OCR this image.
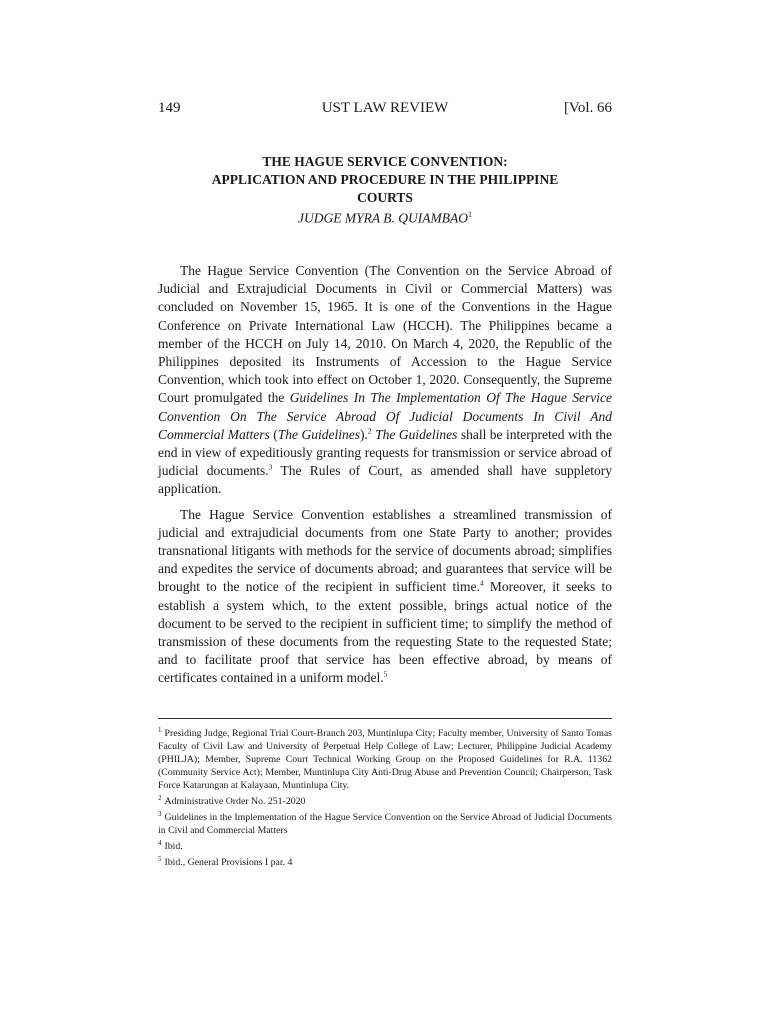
149	UST LAW REVIEW	[Vol. 66
THE HAGUE SERVICE CONVENTION:
APPLICATION AND PROCEDURE IN THE PHILIPPINE
COURTS
JUDGE MYRA B. QUIAMBAO$^1$

The Hague Service Convention (The Convention on the Service Abroad of Judicial and Extrajudicial Documents in Civil or Commercial Matters) was concluded on November 15, 1965. It is one of the Conventions in the Hague Conference on Private International Law (HCCH). The Philippines became a member of the HCCH on July 14, 2010. On March 4, 2020, the Republic of the Philippines deposited its Instruments of Accession to the Hague Service Convention, which took into effect on October 1, 2020. Consequently, the Supreme Court promulgated the Guidelines In The Implementation Of The Hague Service Convention On The Service Abroad Of Judicial Documents In Civil And Commercial Matters (The Guidelines).$^2$ The Guidelines shall be interpreted with the end in view of expeditiously granting requests for transmission or service abroad of judicial documents.$^3$ The Rules of Court, as amended shall have suppletory application.

The Hague Service Convention establishes a streamlined transmission of judicial and extrajudicial documents from one State Party to another; provides transnational litigants with methods for the service of documents abroad; simplifies and expedites the service of documents abroad; and guarantees that service will be brought to the notice of the recipient in sufficient time.$^4$ Moreover, it seeks to establish a system which, to the extent possible, brings actual notice of the document to be served to the recipient in sufficient time; to simplify the method of transmission of these documents from the requesting State to the requested State; and to facilitate proof that service has been effective abroad, by means of certificates contained in a uniform model.$^5$

$^1$ Presiding Judge, Regional Trial Court-Branch 203, Muntinlupa City; Faculty member, University of Santo Tomas Faculty of Civil Law and University of Perpetual Help College of Law; Lecturer, Philippine Judicial Academy (PHILJA); Member, Supreme Court Technical Working Group on the Proposed Guidelines for R.A. 11362 (Community Service Act); Member, Muntinlupa City Anti-Drug Abuse and Prevention Council; Chairperson, Task Force Katarungan at Kalayaan, Muntinlupa City.

$^2$ Administrative Order No. 251-2020

$^3$ Guidelines in the Implementation of the Hague Service Convention on the Service Abroad of Judicial Documents in Civil and Commercial Matters

$^4$ Ibid.

$^5$ Ibid., General Provisions I par. 4
